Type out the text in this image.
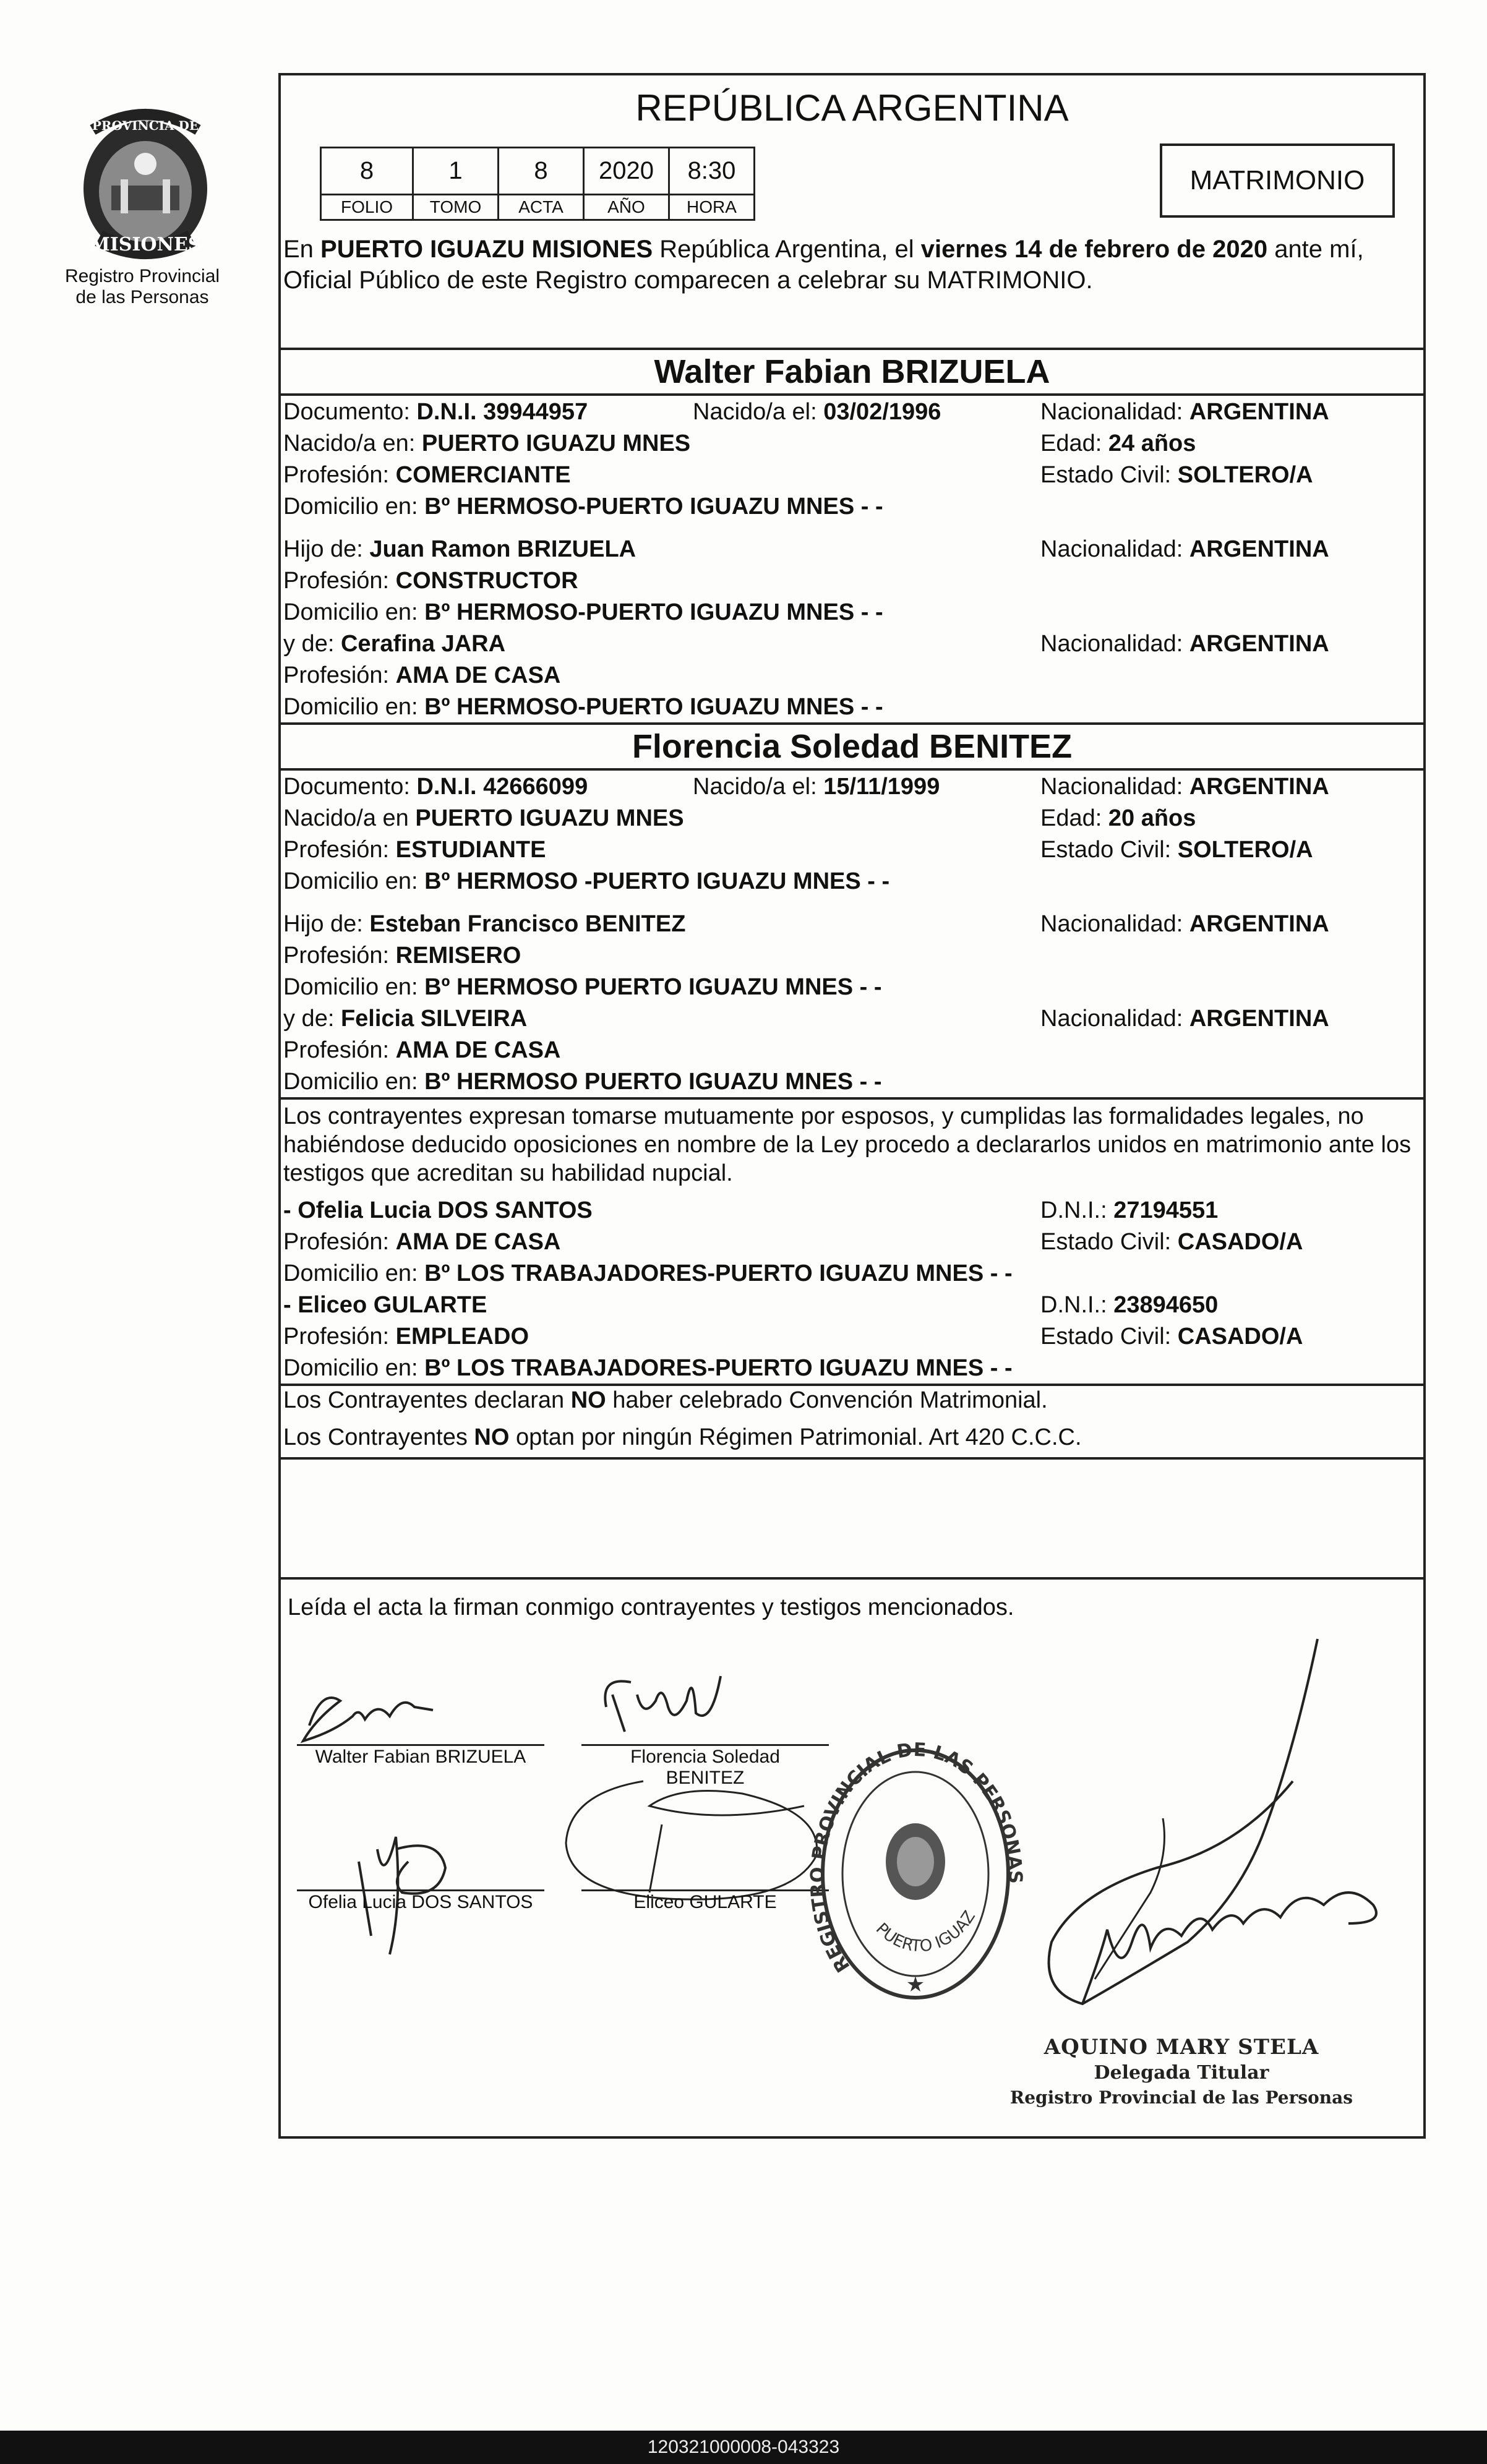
PROVINCIA DE
MISIONES
Registro Provincial
de las Personas
REPÚBLICA ARGENTINA
8	1	8	2020	8:30
FOLIO	TOMO	ACTA	AÑO	HORA
MATRIMONIO
En PUERTO IGUAZU MISIONES República Argentina, el viernes 14 de febrero de 2020 ante mí, Oficial Público de este Registro comparecen a celebrar su MATRIMONIO.
Walter Fabian BRIZUELA
Documento: D.N.I. 39944957	Nacido/a el: 03/02/1996	Nacionalidad: ARGENTINA
Nacido/a en: PUERTO IGUAZU MNES	Edad: 24 años
Profesión: COMERCIANTE	Estado Civil: SOLTERO/A
Domicilio en: Bº HERMOSO-PUERTO IGUAZU MNES - -
Hijo de: Juan Ramon BRIZUELA	Nacionalidad: ARGENTINA
Profesión: CONSTRUCTOR
Domicilio en: Bº HERMOSO-PUERTO IGUAZU MNES - -
y de: Cerafina JARA	Nacionalidad: ARGENTINA
Profesión: AMA DE CASA
Domicilio en: Bº HERMOSO-PUERTO IGUAZU MNES - -
Florencia Soledad BENITEZ
Documento: D.N.I. 42666099	Nacido/a el: 15/11/1999	Nacionalidad: ARGENTINA
Nacido/a en PUERTO IGUAZU MNES	Edad: 20 años
Profesión: ESTUDIANTE	Estado Civil: SOLTERO/A
Domicilio en: Bº HERMOSO -PUERTO IGUAZU MNES - -
Hijo de: Esteban Francisco BENITEZ	Nacionalidad: ARGENTINA
Profesión: REMISERO
Domicilio en: Bº HERMOSO PUERTO IGUAZU MNES - -
y de: Felicia SILVEIRA	Nacionalidad: ARGENTINA
Profesión: AMA DE CASA
Domicilio en: Bº HERMOSO PUERTO IGUAZU MNES - -
Los contrayentes expresan tomarse mutuamente por esposos, y cumplidas las formalidades legales, no habiéndose deducido oposiciones en nombre de la Ley procedo a declararlos unidos en matrimonio ante los testigos que acreditan su habilidad nupcial.
- Ofelia Lucia DOS SANTOS	D.N.I.: 27194551
Profesión: AMA DE CASA	Estado Civil: CASADO/A
Domicilio en: Bº LOS TRABAJADORES-PUERTO IGUAZU MNES - -
- Eliceo GULARTE	D.N.I.: 23894650
Profesión: EMPLEADO	Estado Civil: CASADO/A
Domicilio en: Bº LOS TRABAJADORES-PUERTO IGUAZU MNES - -
Los Contrayentes declaran NO haber celebrado Convención Matrimonial.
Los Contrayentes NO optan por ningún Régimen Patrimonial. Art 420 C.C.C.
Leída el acta la firman conmigo contrayentes y testigos mencionados.
Walter Fabian BRIZUELA	Florencia Soledad
BENITEZ
Ofelia Lucia DOS SANTOS	Eliceo GULARTE
REGISTRO PROVINCIAL DE LAS PERSONAS
PUERTO IGUAZU
★
AQUINO MARY STELA
Delegada Titular
Registro Provincial de las Personas
120321000008-043323
